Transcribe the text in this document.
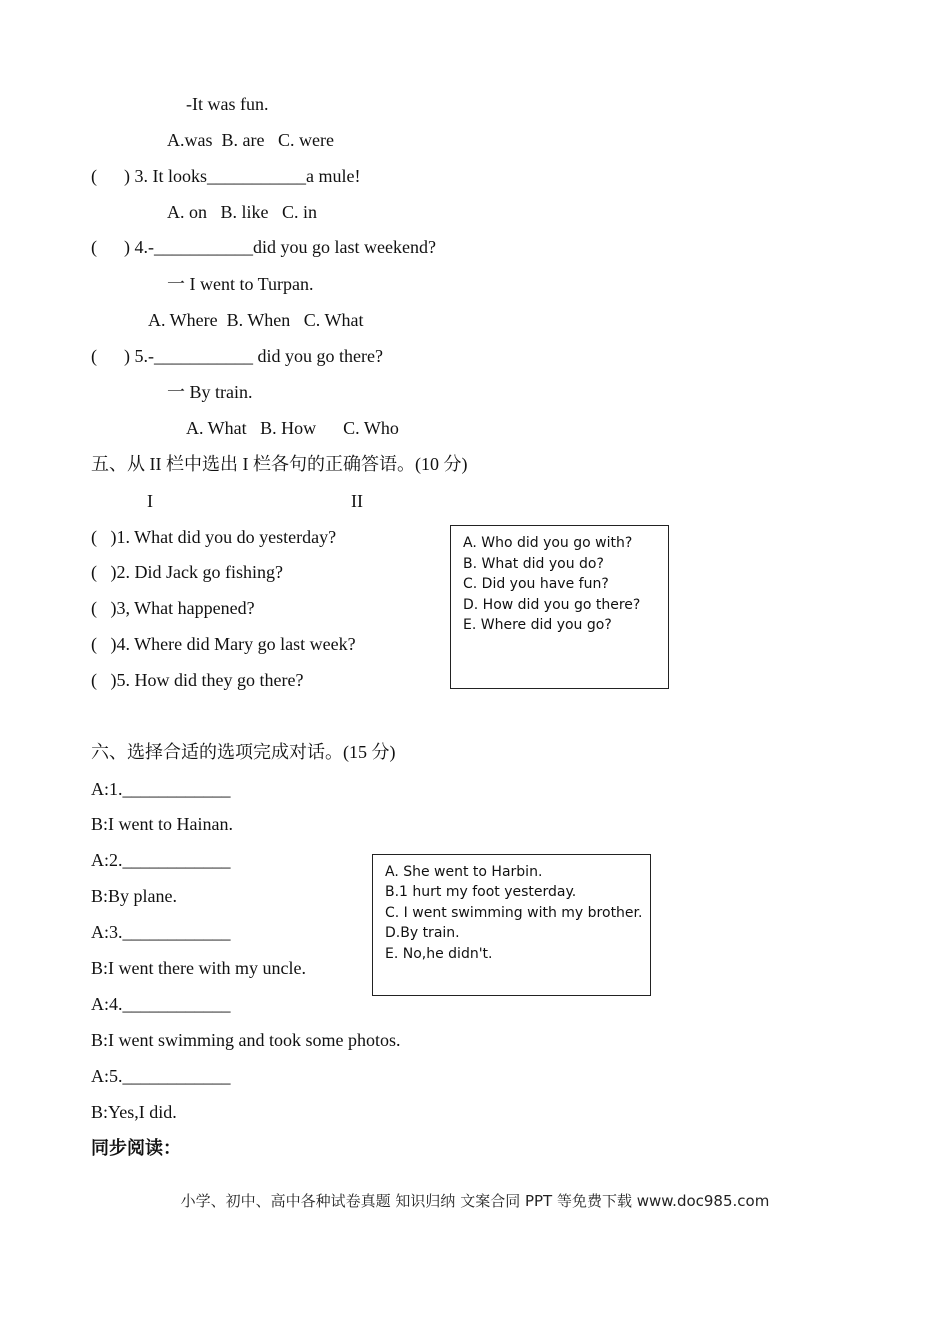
-It was fun.
A.was  B. are   C. were
(      ) 3. It looks___________a mule!
A. on   B. like   C. in
(      ) 4.-___________did you go last weekend?
一 I went to Turpan.
A. Where  B. When   C. What
(      ) 5.-___________ did you go there?
一 By train.
A. What   B. How      C. Who
五、从 II 栏中选出 I 栏各句的正确答语。(10 分)
I	II
(   )1. What did you do yesterday?
(   )2. Did Jack go fishing?
(   )3, What happened?
(   )4. Where did Mary go last week?
(   )5. How did they go there?
A. Who did you go with?
B. What did you do?
C. Did you have fun?
D. How did you go there?
E. Where did you go?
六、选择合适的选项完成对话。(15 分)
A:1.____________
B:I went to Hainan.
A:2.____________
B:By plane.
A:3.____________
B:I went there with my uncle.
A:4.____________
B:I went swimming and took some photos.
A:5.____________
B:Yes,I did.
A. She went to Harbin.
B.1 hurt my foot yesterday.
C. I went swimming with my brother.
D.By train.
E. No,he didn't.
同步阅读：
小学、初中、高中各种试卷真题 知识归纳 文案合同 PPT 等免费下载 www.doc985.com
